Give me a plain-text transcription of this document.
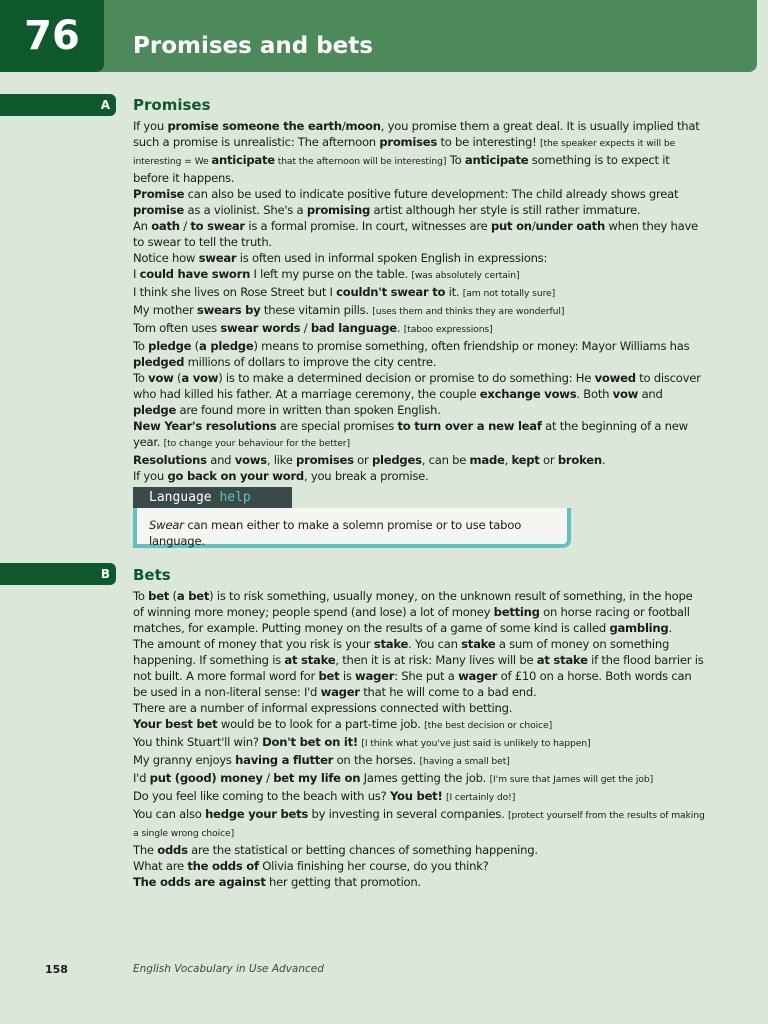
76	Promises and bets
A Promises

If you promise someone the earth/moon, you promise them a great deal. It is usually implied that such a promise is unrealistic: The afternoon promises to be interesting! [the speaker expects it will be interesting = We anticipate that the afternoon will be interesting] To anticipate something is to expect it before it happens.

Promise can also be used to indicate positive future development: The child already shows great promise as a violinist. She's a promising artist although her style is still rather immature.

An oath / to swear is a formal promise. In court, witnesses are put on/under oath when they have to swear to tell the truth.

Notice how swear is often used in informal spoken English in expressions:

I could have sworn I left my purse on the table. [was absolutely certain]

I think she lives on Rose Street but I couldn't swear to it. [am not totally sure]

My mother swears by these vitamin pills. [uses them and thinks they are wonderful]

Tom often uses swear words / bad language. [taboo expressions]

To pledge (a pledge) means to promise something, often friendship or money: Mayor Williams has pledged millions of dollars to improve the city centre.

To vow (a vow) is to make a determined decision or promise to do something: He vowed to discover who had killed his father. At a marriage ceremony, the couple exchange vows. Both vow and pledge are found more in written than spoken English.

New Year's resolutions are special promises to turn over a new leaf at the beginning of a new year. [to change your behaviour for the better]

Resolutions and vows, like promises or pledges, can be made, kept or broken.

If you go back on your word, you break a promise.

Language help
Swear can mean either to make a solemn promise or to use taboo language.
B Bets

To bet (a bet) is to risk something, usually money, on the unknown result of something, in the hope of winning more money; people spend (and lose) a lot of money betting on horse racing or football matches, for example. Putting money on the results of a game of some kind is called gambling.

The amount of money that you risk is your stake. You can stake a sum of money on something happening. If something is at stake, then it is at risk: Many lives will be at stake if the flood barrier is not built. A more formal word for bet is wager: She put a wager of £10 on a horse. Both words can be used in a non-literal sense: I'd wager that he will come to a bad end.

There are a number of informal expressions connected with betting.

Your best bet would be to look for a part-time job. [the best decision or choice]

You think Stuart'll win? Don't bet on it! [I think what you've just said is unlikely to happen]

My granny enjoys having a flutter on the horses. [having a small bet]

I'd put (good) money / bet my life on James getting the job. [I'm sure that James will get the job]

Do you feel like coming to the beach with us? You bet! [I certainly do!]

You can also hedge your bets by investing in several companies. [protect yourself from the results of making a single wrong choice]

The odds are the statistical or betting chances of something happening.

What are the odds of Olivia finishing her course, do you think?

The odds are against her getting that promotion.

158	English Vocabulary in Use Advanced
